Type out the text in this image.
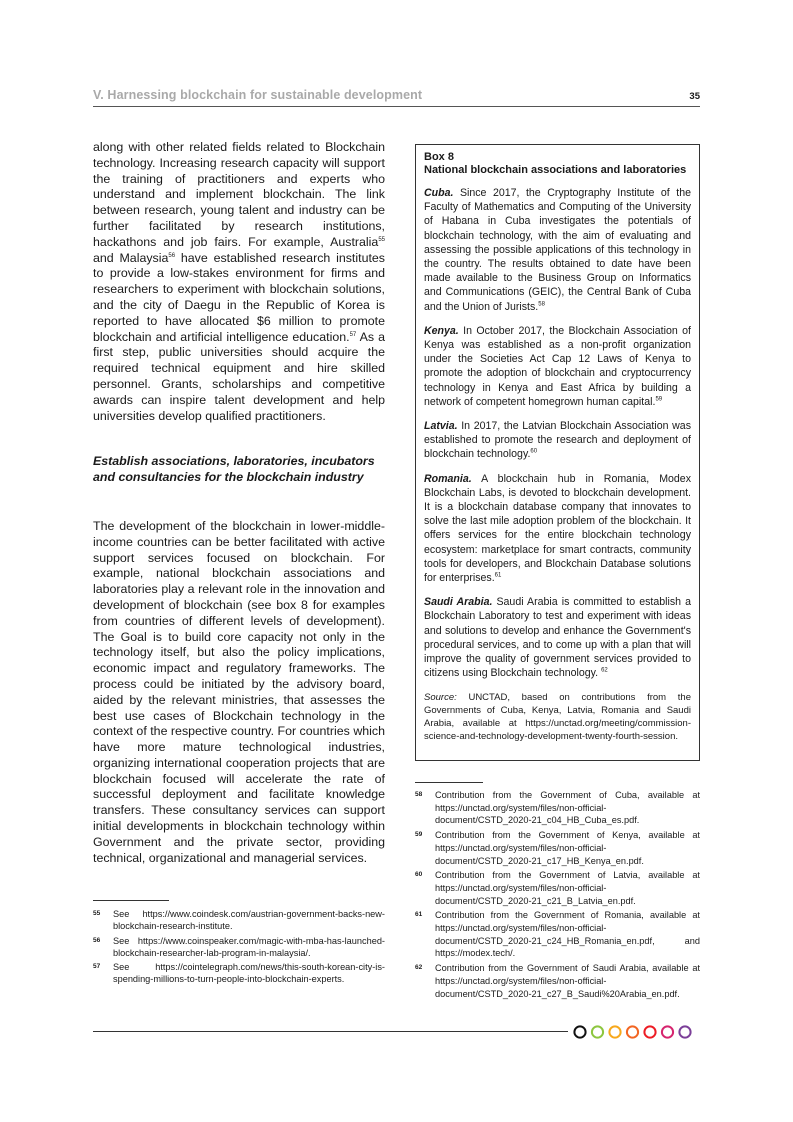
V. Harnessing blockchain for sustainable development	35

along with other related fields related to Blockchain technology. Increasing research capacity will support the training of practitioners and experts who understand and implement blockchain. The link between research, young talent and industry can be further facilitated by research institutions, hackathons and job fairs. For example, Australia$^{55}$ and Malaysia$^{56}$ have established research institutes to provide a low-stakes environment for firms and researchers to experiment with blockchain solutions, and the city of Daegu in the Republic of Korea is reported to have allocated $6 million to promote blockchain and artificial intelligence education.$^{57}$ As a first step, public universities should acquire the required technical equipment and hire skilled personnel. Grants, scholarships and competitive awards can inspire talent development and help universities develop qualified practitioners.

Establish associations, laboratories, incubators and consultancies for the blockchain industry

The development of the blockchain in lower-middle-income countries can be better facilitated with active support services focused on blockchain. For example, national blockchain associations and laboratories play a relevant role in the innovation and development of blockchain (see box 8 for examples from countries of different levels of development). The Goal is to build core capacity not only in the technology itself, but also the policy implications, economic impact and regulatory frameworks. The process could be initiated by the advisory board, aided by the relevant ministries, that assesses the best use cases of Blockchain technology in the context of the respective country. For countries which have more mature technological industries, organizing international cooperation projects that are blockchain focused will accelerate the rate of successful deployment and facilitate knowledge transfers. These consultancy services can support initial developments in blockchain technology within Government and the private sector, providing technical, organizational and managerial services.

Box 8
National blockchain associations and laboratories

Cuba. Since 2017, the Cryptography Institute of the Faculty of Mathematics and Computing of the University of Habana in Cuba investigates the potentials of blockchain technology, with the aim of evaluating and assessing the possible applications of this technology in the country. The results obtained to date have been made available to the Business Group on Informatics and Communications (GEIC), the Central Bank of Cuba and the Union of Jurists.$^{58}$

Kenya. In October 2017, the Blockchain Association of Kenya was established as a non-profit organization under the Societies Act Cap 12 Laws of Kenya to promote the adoption of blockchain and cryptocurrency technology in Kenya and East Africa by building a network of competent homegrown human capital.$^{59}$

Latvia. In 2017, the Latvian Blockchain Association was established to promote the research and deployment of blockchain technology.$^{60}$

Romania. A blockchain hub in Romania, Modex Blockchain Labs, is devoted to blockchain development. It is a blockchain database company that innovates to solve the last mile adoption problem of the blockchain. It offers services for the entire blockchain technology ecosystem: marketplace for smart contracts, community tools for developers, and Blockchain Database solutions for enterprises.$^{61}$

Saudi Arabia. Saudi Arabia is committed to establish a Blockchain Laboratory to test and experiment with ideas and solutions to develop and enhance the Government's procedural services, and to come up with a plan that will improve the quality of government services provided to citizens using Blockchain technology. $^{62}$

Source: UNCTAD, based on contributions from the Governments of Cuba, Kenya, Latvia, Romania and Saudi Arabia, available at https://unctad.org/meeting/commission-science-and-technology-development-twenty-fourth-session.

55	See https://www.coindesk.com/austrian-government-backs-new-blockchain-research-institute.
56	See https://www.coinspeaker.com/magic-with-mba-has-launched-blockchain-researcher-lab-program-in-malaysia/.
57	See https://cointelegraph.com/news/this-south-korean-city-is-spending-millions-to-turn-people-into-blockchain-experts.
58	Contribution from the Government of Cuba, available at https://unctad.org/system/files/non-official-document/CSTD_2020-21_c04_HB_Cuba_es.pdf.
59	Contribution from the Government of Kenya, available at https://unctad.org/system/files/non-official-document/CSTD_2020-21_c17_HB_Kenya_en.pdf.
60	Contribution from the Government of Latvia, available at https://unctad.org/system/files/non-official-document/CSTD_2020-21_c21_B_Latvia_en.pdf.
61	Contribution from the Government of Romania, available at https://unctad.org/system/files/non-official-document/CSTD_2020-21_c24_HB_Romania_en.pdf, and https://modex.tech/.
62	Contribution from the Government of Saudi Arabia, available at https://unctad.org/system/files/non-official-document/CSTD_2020-21_c27_B_Saudi%20Arabia_en.pdf.
